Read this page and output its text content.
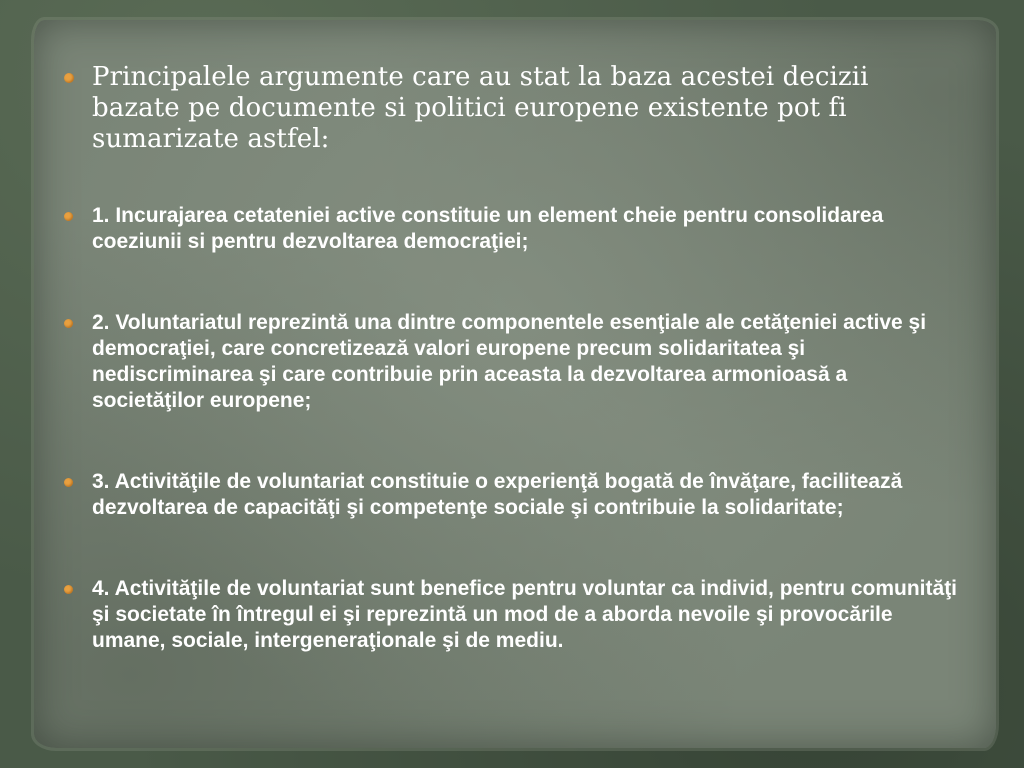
Principalele argumente care au stat la baza acestei decizii bazate pe documente si politici europene existente pot fi sumarizate astfel:
1. Incurajarea cetateniei active constituie un element cheie pentru consolidarea coeziunii si pentru dezvoltarea democraţiei;
2. Voluntariatul reprezintă una dintre componentele esenţiale ale cetăţeniei active şi democraţiei, care concretizează valori europene precum solidaritatea şi nediscriminarea şi care contribuie prin aceasta la dezvoltarea armonioasă a societăţilor europene;
3. Activităţile de voluntariat constituie o experienţă bogată de învăţare, facilitează dezvoltarea de capacităţi şi competenţe sociale şi contribuie la solidaritate;
4. Activităţile de voluntariat sunt benefice pentru voluntar ca individ, pentru comunităţi şi societate în întregul ei şi reprezintă un mod de a aborda nevoile şi provocările umane, sociale, intergeneraţionale şi de mediu.
